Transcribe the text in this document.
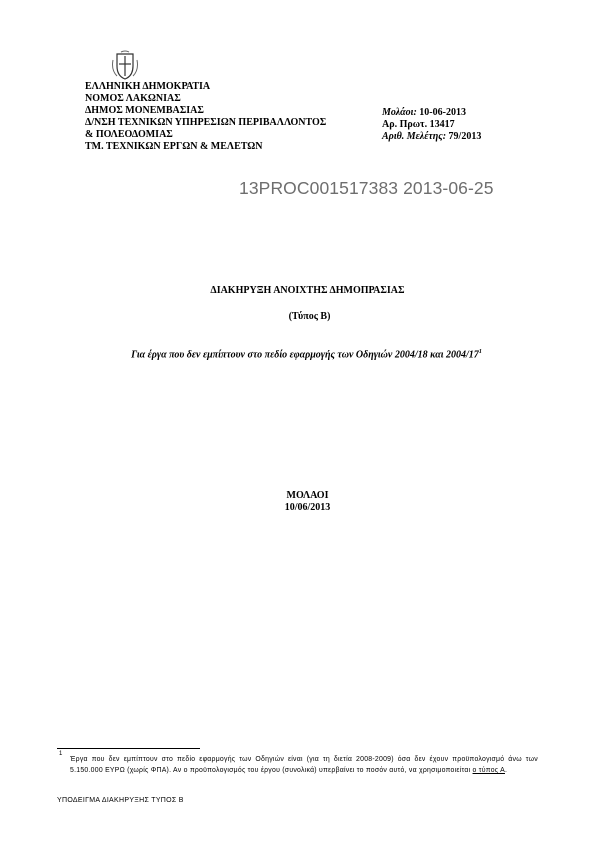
ΕΛΛΗΝΙΚΗ ΔΗΜΟΚΡΑΤΙΑ
ΝΟΜΟΣ ΛΑΚΩΝΙΑΣ
ΔΗΜΟΣ ΜΟΝΕΜΒΑΣΙΑΣ
Δ/ΝΣΗ ΤΕΧΝΙΚΩΝ ΥΠΗΡΕΣΙΩΝ ΠΕΡΙΒΑΛΛΟΝΤΟΣ
& ΠΟΛΕΟΔΟΜΙΑΣ
ΤΜ. ΤΕΧΝΙΚΩΝ ΕΡΓΩΝ & ΜΕΛΕΤΩΝ
Μολάοι: 10-06-2013
Αρ. Πρωτ. 13417
Αριθ. Μελέτης: 79/2013
13PROC001517383 2013-06-25
ΔΙΑΚΗΡΥΞΗ ΑΝΟΙΧΤΗΣ ΔΗΜΟΠΡΑΣΙΑΣ
(Τύπος Β)
Για έργα που δεν εμπίπτουν στο πεδίο εφαρμογής των Οδηγιών 2004/18 και $2004/17^1$
ΜΟΛΑΟΙ
10/06/2013
1
Έργα που δεν εμπίπτουν στο πεδίο εφαρμογής των Οδηγιών είναι (για τη διετία 2008-2009) όσα δεν έχουν προϋπολογισμό άνω των 5.150.000 ΕΥΡΩ (χωρίς ΦΠΑ). Αν ο προϋπολογισμός του έργου (συνολικά) υπερβαίνει το ποσόν αυτό, να χρησιμοποιείται ο τύπος Α.
ΥΠΟΔΕΙΓΜΑ ΔΙΑΚΗΡΥΞΗΣ ΤΥΠΟΣ Β
